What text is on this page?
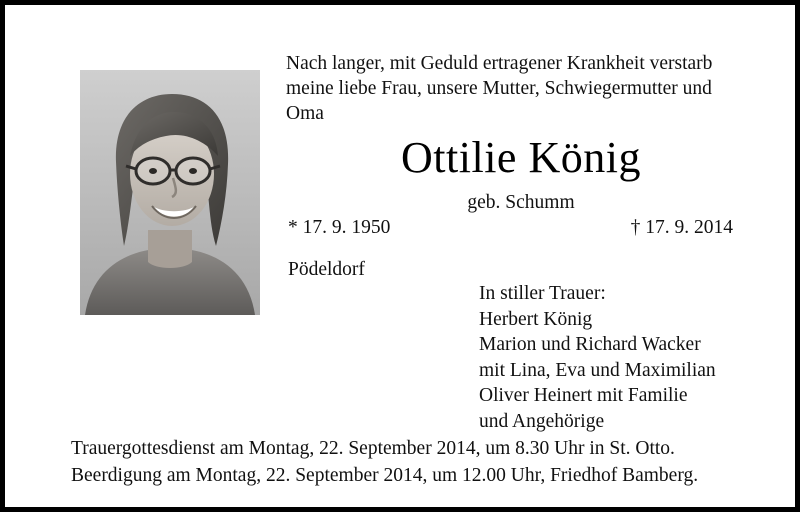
Nach langer, mit Geduld ertragener Krankheit verstarb
meine liebe Frau, unsere Mutter, Schwiegermutter und
Oma
Ottilie König
geb. Schumm
* 17. 9. 1950	† 17. 9. 2014
Pödeldorf
In stiller Trauer:
Herbert König
Marion und Richard Wacker
mit Lina, Eva und Maximilian
Oliver Heinert mit Familie
und Angehörige
Trauergottesdienst am Montag, 22. September 2014, um 8.30 Uhr in St. Otto.
Beerdigung am Montag, 22. September 2014, um 12.00 Uhr, Friedhof Bamberg.
